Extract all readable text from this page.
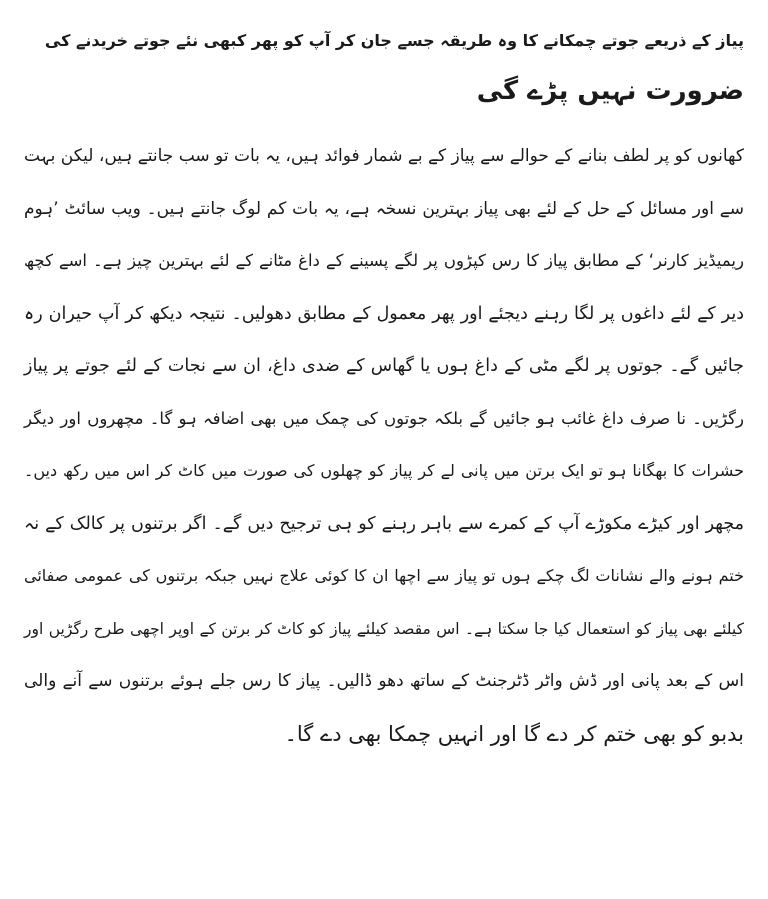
پیاز کے ذریعے جوتے چمکانے کا وہ طریقہ جسے جان کر آپ کو پھر کبھی نئے جوتے خریدنے کی
ضرورت نہیں پڑے گی
کھانوں کو پر لطف بنانے کے حوالے سے پیاز کے بے شمار فوائد ہیں، یہ بات تو سب جانتے ہیں، لیکن بہت
سے اور مسائل کے حل کے لئے بھی پیاز بہترین نسخہ ہے، یہ بات کم لوگ جانتے ہیں۔ ویب سائٹ ’ہوم
ریمیڈیز کارنر‘ کے مطابق پیاز کا رس کپڑوں پر لگے پسینے کے داغ مٹانے کے لئے بہترین چیز ہے۔ اسے کچھ
دیر کے لئے داغوں پر لگا رہنے دیجئے اور پھر معمول کے مطابق دھولیں۔ نتیجہ دیکھ کر آپ حیران رہ
جائیں گے۔ جوتوں پر لگے مٹی کے داغ ہوں یا گھاس کے ضدی داغ، ان سے نجات کے لئے جوتے پر پیاز
رگڑیں۔ نا صرف داغ غائب ہو جائیں گے بلکہ جوتوں کی چمک میں بھی اضافہ ہو گا۔ مچھروں اور دیگر
حشرات کا بھگانا ہو تو ایک برتن میں پانی لے کر پیاز کو چھلوں کی صورت میں کاٹ کر اس میں رکھ دیں۔
مچھر اور کیڑے مکوڑے آپ کے کمرے سے باہر رہنے کو ہی ترجیح دیں گے۔ اگر برتنوں پر کالک کے نہ
ختم ہونے والے نشانات لگ چکے ہوں تو پیاز سے اچھا ان کا کوئی علاج نہیں جبکہ برتنوں کی عمومی صفائی
کیلئے بھی پیاز کو استعمال کیا جا سکتا ہے۔ اس مقصد کیلئے پیاز کو کاٹ کر برتن کے اوپر اچھی طرح رگڑیں اور
اس کے بعد پانی اور ڈش واٹر ڈٹرجنٹ کے ساتھ دھو ڈالیں۔ پیاز کا رس جلے ہوئے برتنوں سے آنے والی
بدبو کو بھی ختم کر دے گا اور انہیں چمکا بھی دے گا۔
